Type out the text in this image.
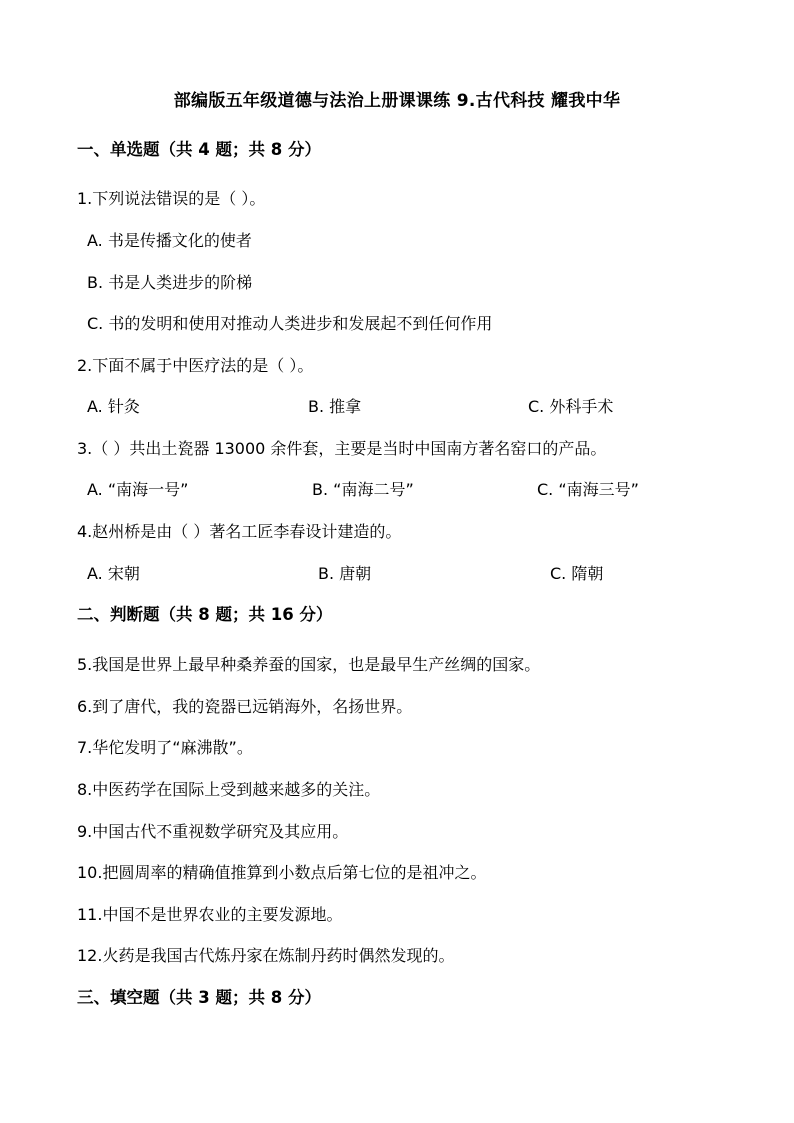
部编版五年级道德与法治上册课课练 9.古代科技 耀我中华
一、单选题（共 4 题；共 8 分）
1.下列说法错误的是（ ）。
A. 书是传播文化的使者
B. 书是人类进步的阶梯
C. 书的发明和使用对推动人类进步和发展起不到任何作用
2.下面不属于中医疗法的是（ ）。
A. 针灸	B. 推拿	C. 外科手术
3.（ ）共出土瓷器 13000 余件套，主要是当时中国南方著名窑口的产品。
A. “南海一号”	B. “南海二号”	C. “南海三号”
4.赵州桥是由（ ）著名工匠李春设计建造的。
A. 宋朝	B. 唐朝	C. 隋朝
二、判断题（共 8 题；共 16 分）
5.我国是世界上最早种桑养蚕的国家，也是最早生产丝绸的国家。
6.到了唐代，我的瓷器已远销海外，名扬世界。
7.华佗发明了“麻沸散”。
8.中医药学在国际上受到越来越多的关注。
9.中国古代不重视数学研究及其应用。
10.把圆周率的精确值推算到小数点后第七位的是祖冲之。
11.中国不是世界农业的主要发源地。
12.火药是我国古代炼丹家在炼制丹药时偶然发现的。
三、填空题（共 3 题；共 8 分）
